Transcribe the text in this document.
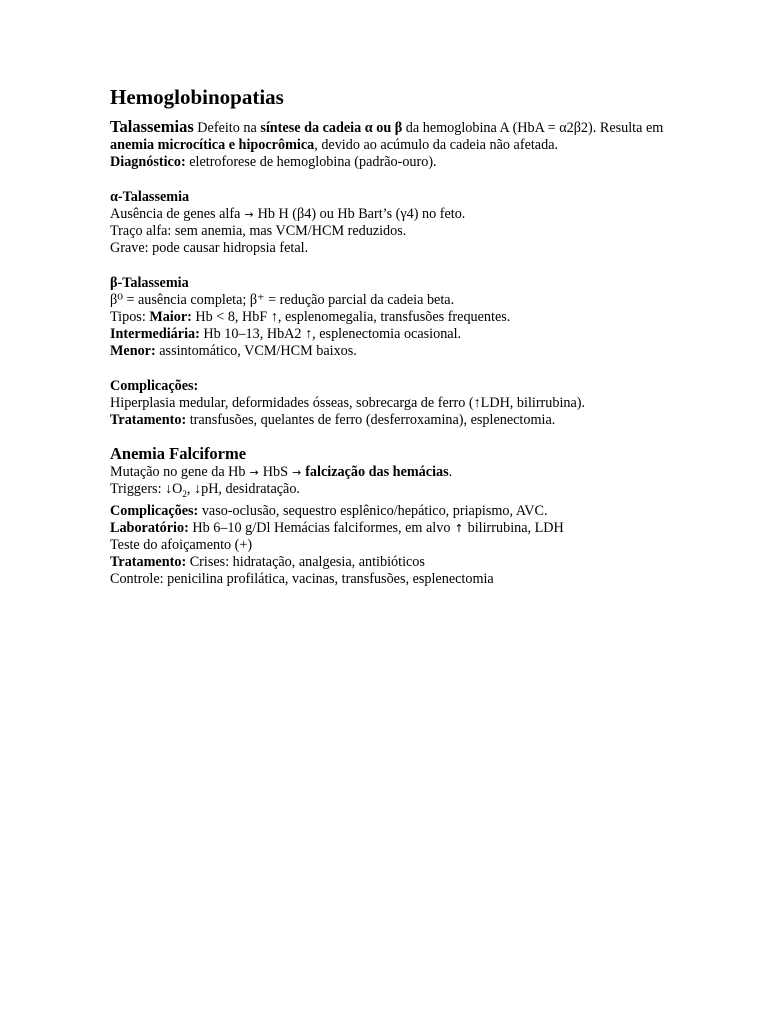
Hemoglobinopatias
Talassemias Defeito na síntese da cadeia α ou β da hemoglobina A (HbA = α2β2). Resulta em anemia microcítica e hipocrômica, devido ao acúmulo da cadeia não afetada.
Diagnóstico: eletroforese de hemoglobina (padrão-ouro).
α-Talassemia
Ausência de genes alfa → Hb H (β4) ou Hb Bart’s (γ4) no feto.
Traço alfa: sem anemia, mas VCM/HCM reduzidos.
Grave: pode causar hidropsia fetal.
β-Talassemia
β⁰ = ausência completa; β⁺ = redução parcial da cadeia beta.
Tipos: Maior: Hb < 8, HbF ↑, esplenomegalia, transfusões frequentes.
Intermediária: Hb 10–13, HbA2 ↑, esplenectomia ocasional.
Menor: assintomático, VCM/HCM baixos.
Complicações:
Hiperplasia medular, deformidades ósseas, sobrecarga de ferro (↑LDH, bilirrubina).
Tratamento: transfusões, quelantes de ferro (desferroxamina), esplenectomia.
Anemia Falciforme
Mutação no gene da Hb → HbS → falcização das hemácias.
Triggers: $↓O_2$, ↓pH, desidratação.
Complicações: vaso-oclusão, sequestro esplênico/hepático, priapismo, AVC.
Laboratório: Hb 6–10 g/Dl Hemácias falciformes, em alvo ↑ bilirrubina, LDH
Teste do afoiçamento (+)
Tratamento: Crises: hidratação, analgesia, antibióticos
Controle: penicilina profilática, vacinas, transfusões, esplenectomia
